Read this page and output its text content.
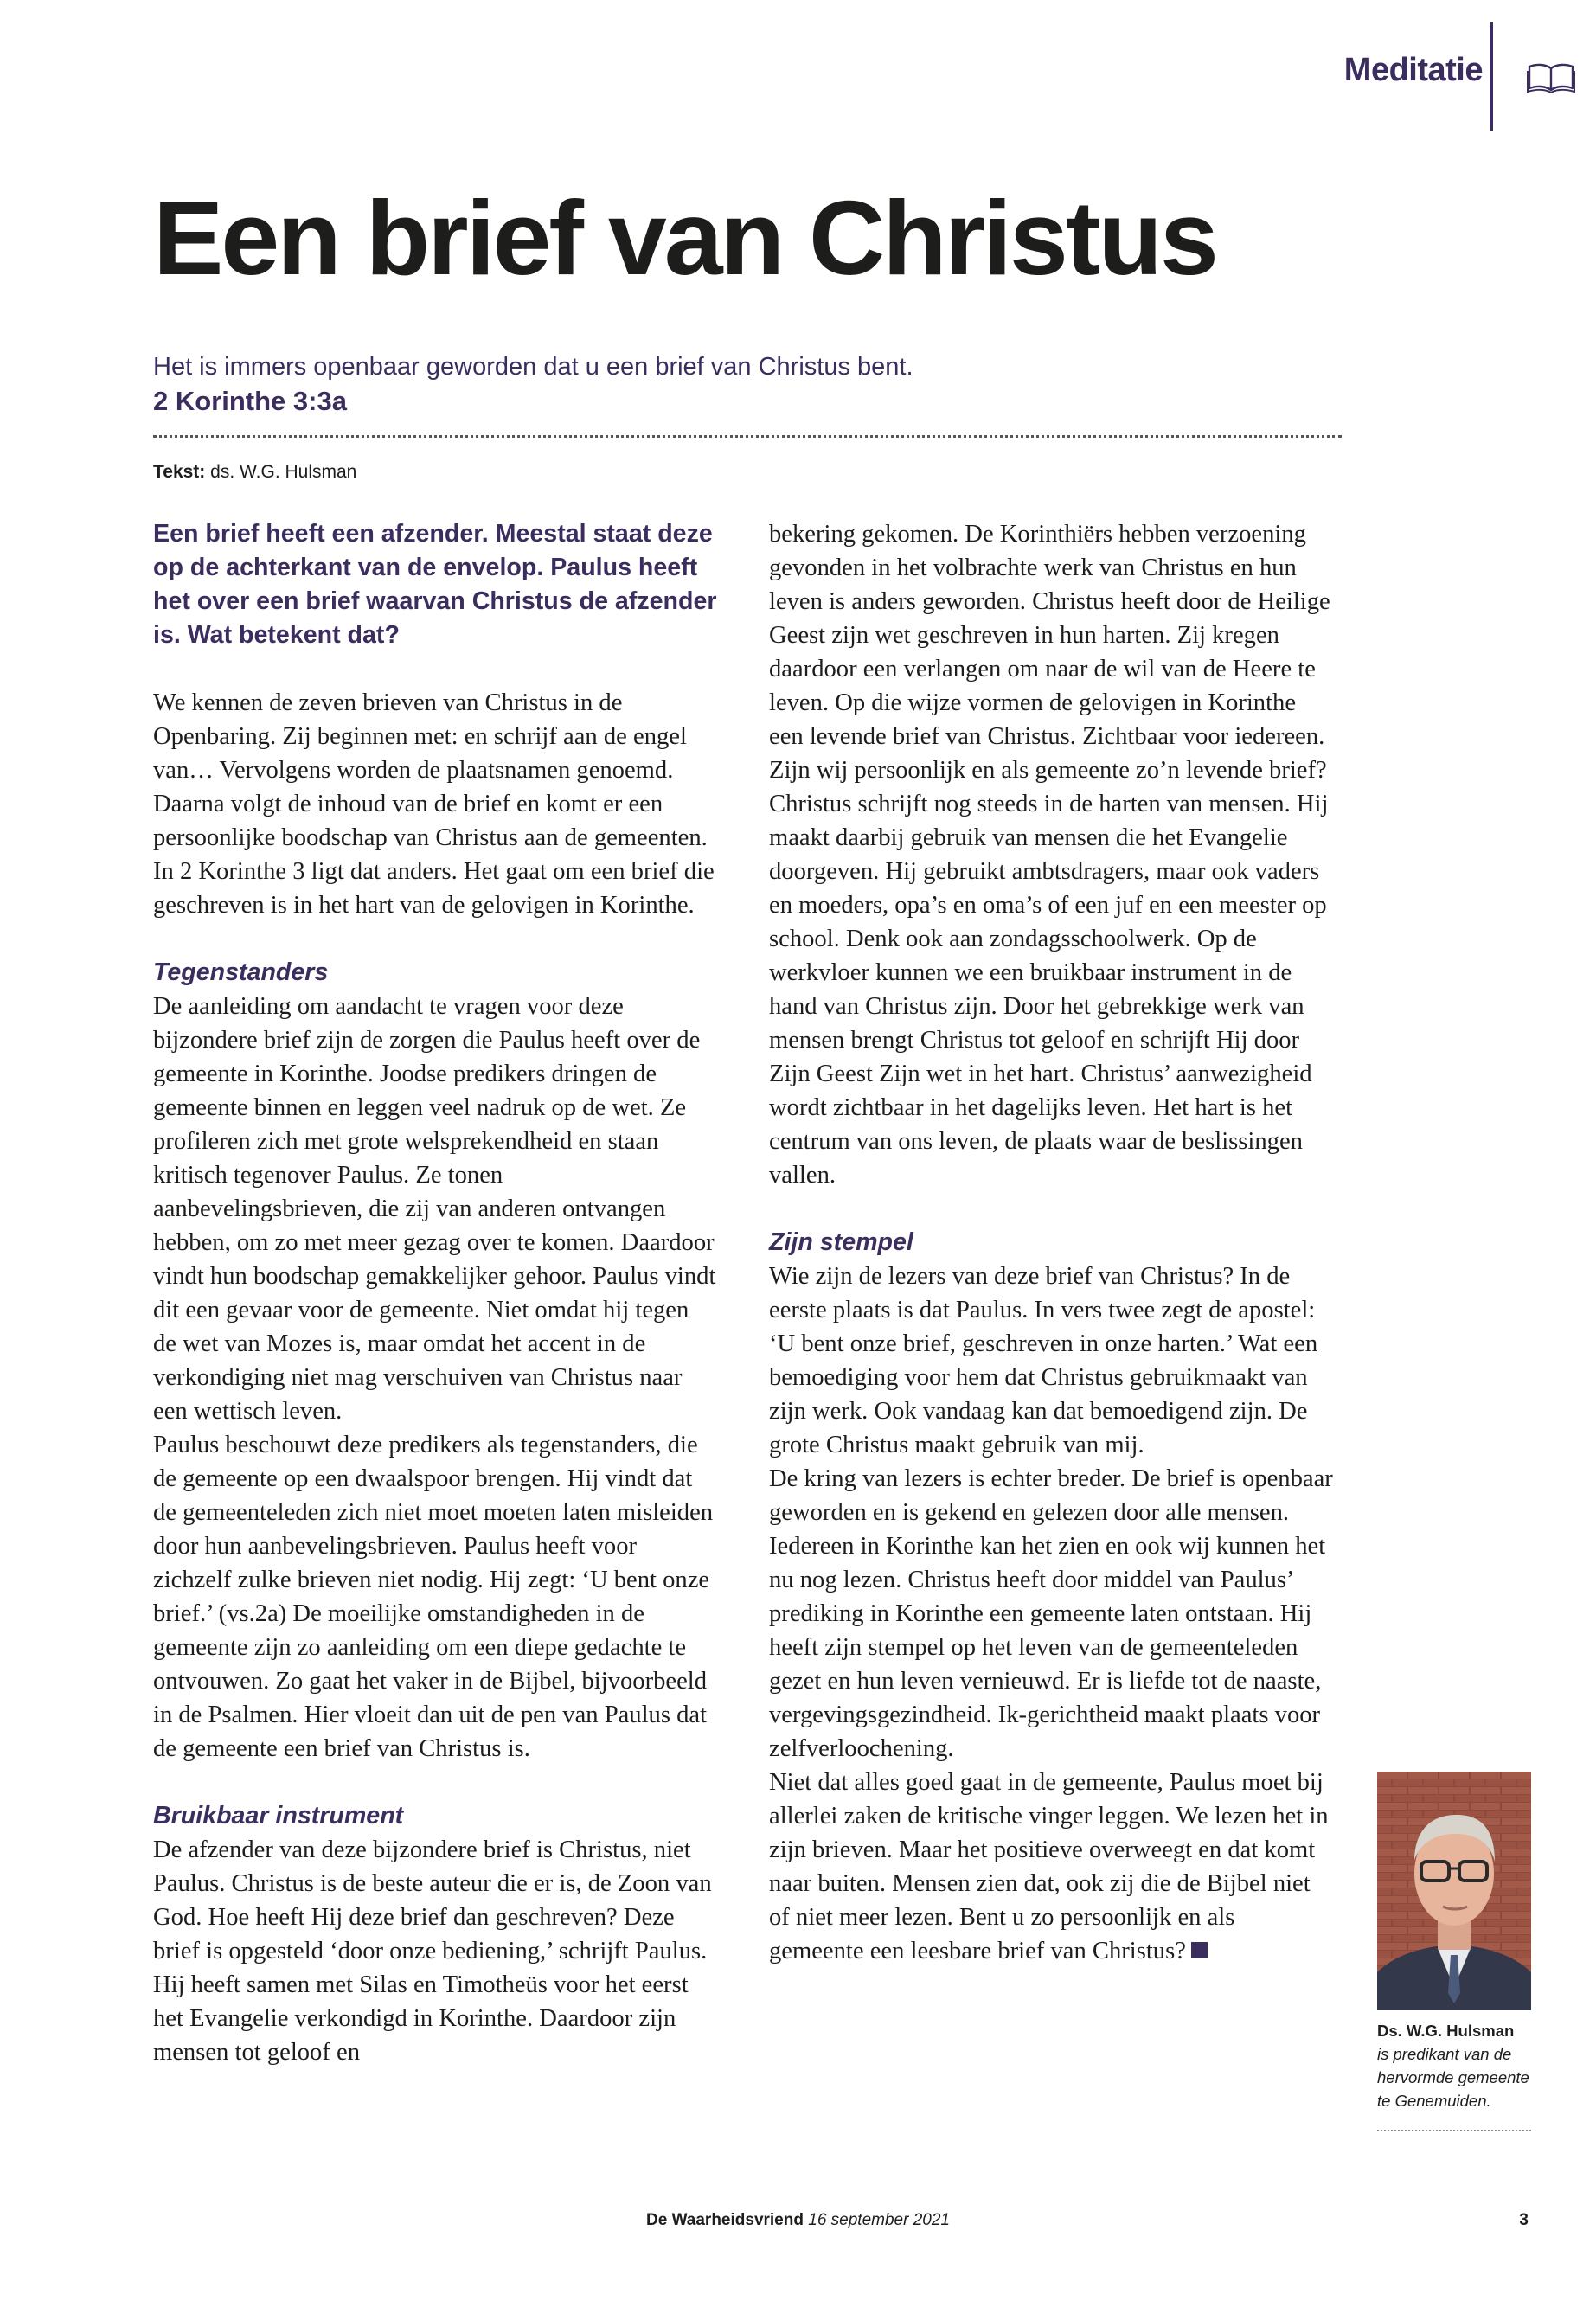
Meditatie
Een brief van Christus
Het is immers openbaar geworden dat u een brief van Christus bent.
2 Korinthe 3:3a
Tekst: ds. W.G. Hulsman

Een brief heeft een afzender. Meestal staat deze op de achterkant van de envelop. Paulus heeft het over een brief waarvan Christus de afzender is. Wat betekent dat?

We kennen de zeven brieven van Christus in de Openbaring. Zij beginnen met: en schrijf aan de engel van… Vervolgens worden de plaatsnamen genoemd. Daarna volgt de inhoud van de brief en komt er een persoonlijke boodschap van Christus aan de gemeenten. In 2 Korinthe 3 ligt dat anders. Het gaat om een brief die geschreven is in het hart van de gelovigen in Korinthe.

Tegenstanders

De aanleiding om aandacht te vragen voor deze bijzondere brief zijn de zorgen die Paulus heeft over de gemeente in Korinthe. Joodse predikers dringen de gemeente binnen en leggen veel nadruk op de wet. Ze profileren zich met grote welsprekendheid en staan kritisch tegenover Paulus. Ze tonen aanbevelingsbrieven, die zij van anderen ontvangen hebben, om zo met meer gezag over te komen. Daardoor vindt hun boodschap gemakkelijker gehoor. Paulus vindt dit een gevaar voor de gemeente. Niet omdat hij tegen de wet van Mozes is, maar omdat het accent in de verkondiging niet mag verschuiven van Christus naar een wettisch leven.

Paulus beschouwt deze predikers als tegenstanders, die de gemeente op een dwaalspoor brengen. Hij vindt dat de gemeenteleden zich niet moet moeten laten misleiden door hun aanbevelingsbrieven. Paulus heeft voor zichzelf zulke brieven niet nodig. Hij zegt: ‘U bent onze brief.’ (vs.2a) De moeilijke omstandigheden in de gemeente zijn zo aanleiding om een diepe gedachte te ontvouwen. Zo gaat het vaker in de Bijbel, bijvoorbeeld in de Psalmen. Hier vloeit dan uit de pen van Paulus dat de gemeente een brief van Christus is.

Bruikbaar instrument

De afzender van deze bijzondere brief is Christus, niet Paulus. Christus is de beste auteur die er is, de Zoon van God. Hoe heeft Hij deze brief dan geschreven? Deze brief is opgesteld ‘door onze bediening,’ schrijft Paulus. Hij heeft samen met Silas en Timotheüs voor het eerst het Evangelie verkondigd in Korinthe. Daardoor zijn mensen tot geloof en

bekering gekomen. De Korinthiërs hebben verzoening gevonden in het volbrachte werk van Christus en hun leven is anders geworden. Christus heeft door de Heilige Geest zijn wet geschreven in hun harten. Zij kregen daardoor een verlangen om naar de wil van de Heere te leven. Op die wijze vormen de gelovigen in Korinthe een levende brief van Christus. Zichtbaar voor iedereen.

Zijn wij persoonlijk en als gemeente zo’n levende brief? Christus schrijft nog steeds in de harten van mensen. Hij maakt daarbij gebruik van mensen die het Evangelie doorgeven. Hij gebruikt ambtsdragers, maar ook vaders en moeders, opa’s en oma’s of een juf en een meester op school. Denk ook aan zondagsschoolwerk. Op de werkvloer kunnen we een bruikbaar instrument in de hand van Christus zijn. Door het gebrekkige werk van mensen brengt Christus tot geloof en schrijft Hij door Zijn Geest Zijn wet in het hart. Christus’ aanwezigheid wordt zichtbaar in het dagelijks leven. Het hart is het centrum van ons leven, de plaats waar de beslissingen vallen.

Zijn stempel

Wie zijn de lezers van deze brief van Christus? In de eerste plaats is dat Paulus. In vers twee zegt de apostel: ‘U bent onze brief, geschreven in onze harten.’ Wat een bemoediging voor hem dat Christus gebruikmaakt van zijn werk. Ook vandaag kan dat bemoedigend zijn. De grote Christus maakt gebruik van mij.

De kring van lezers is echter breder. De brief is openbaar geworden en is gekend en gelezen door alle mensen. Iedereen in Korinthe kan het zien en ook wij kunnen het nu nog lezen. Christus heeft door middel van Paulus’ prediking in Korinthe een gemeente laten ontstaan. Hij heeft zijn stempel op het leven van de gemeenteleden gezet en hun leven vernieuwd. Er is liefde tot de naaste, vergevingsgezindheid. Ik-gerichtheid maakt plaats voor zelfverloochening.

Niet dat alles goed gaat in de gemeente, Paulus moet bij allerlei zaken de kritische vinger leggen. We lezen het in zijn brieven. Maar het positieve overweegt en dat komt naar buiten. Mensen zien dat, ook zij die de Bijbel niet of niet meer lezen. Bent u zo persoonlijk en als gemeente een leesbare brief van Christus?

Ds. W.G. Hulsman
is predikant van de hervormde gemeente te Genemuiden.
De Waarheidsvriend 16 september 2021	3
